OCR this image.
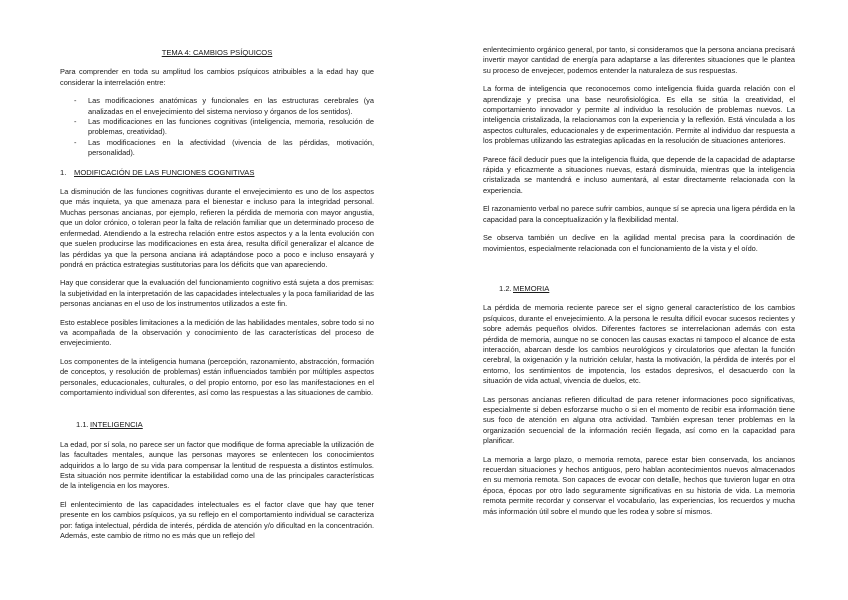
TEMA 4: CAMBIOS PSÍQUICOS

Para comprender en toda su amplitud los cambios psíquicos atribuibles a la edad hay que considerar la interrelación entre:

- Las modificaciones anatómicas y funcionales en las estructuras cerebrales (ya analizadas en el envejecimiento del sistema nervioso y órganos de los sentidos).
- Las modificaciones en las funciones cognitivas (inteligencia, memoria, resolución de problemas, creatividad).
- Las modificaciones en la afectividad (vivencia de las pérdidas, motivación, personalidad).
1. MODIFICACIÓN DE LAS FUNCIONES COGNITIVAS

La disminución de las funciones cognitivas durante el envejecimiento es uno de los aspectos que más inquieta, ya que amenaza para el bienestar e incluso para la integridad personal. Muchas personas ancianas, por ejemplo, refieren la pérdida de memoria con mayor angustia, que un dolor crónico, o toleran peor la falta de relación familiar que un determinado proceso de enfermedad. Atendiendo a la estrecha relación entre estos aspectos y a la lenta evolución con que suelen producirse las modificaciones en esta área, resulta difícil generalizar el alcance de las pérdidas ya que la persona anciana irá adaptándose poco a poco e incluso ensayará y pondrá en práctica estrategias sustitutorias para los déficits que van apareciendo.

Hay que considerar que la evaluación del funcionamiento cognitivo está sujeta a dos premisas: la subjetividad en la interpretación de las capacidades intelectuales y la poca familiaridad de las personas ancianas en el uso de los instrumentos utilizados a este fin.

Esto establece posibles limitaciones a la medición de las habilidades mentales, sobre todo si no va acompañada de la observación y conocimiento de las características del proceso de envejecimiento.

Los componentes de la inteligencia humana (percepción, razonamiento, abstracción, formación de conceptos, y resolución de problemas) están influenciados también por múltiples aspectos personales, educacionales, culturales, o del propio entorno, por eso las manifestaciones en el comportamiento individual son diferentes, así como las respuestas a las situaciones de cambio.

1.1.INTELIGENCIA

La edad, por sí sola, no parece ser un factor que modifique de forma apreciable la utilización de las facultades mentales, aunque las personas mayores se enlentecen los conocimientos adquiridos a lo largo de su vida para compensar la lentitud de respuesta a distintos estímulos. Esta situación nos permite identificar la estabilidad como una de las principales características de la inteligencia en los mayores.

El enlentecimiento de las capacidades intelectuales es el factor clave que hay que tener presente en los cambios psíquicos, ya su reflejo en el comportamiento individual se caracteriza por: fatiga intelectual, pérdida de interés, pérdida de atención y/o dificultad en la concentración. Además, este cambio de ritmo no es más que un reflejo del

enlentecimiento orgánico general, por tanto, si consideramos que la persona anciana precisará invertir mayor cantidad de energía para adaptarse a las diferentes situaciones que le plantea su proceso de envejecer, podemos entender la naturaleza de sus respuestas.

La forma de inteligencia que reconocemos como inteligencia fluida guarda relación con el aprendizaje y precisa una base neurofisiológica. Es ella se sitúa la creatividad, el comportamiento innovador y permite al individuo la resolución de problemas nuevos. La inteligencia cristalizada, la relacionamos con la experiencia y la reflexión. Está vinculada a los aspectos culturales, educacionales y de experimentación. Permite al individuo dar respuesta a los problemas utilizando las estrategias aplicadas en la resolución de situaciones anteriores.

Parece fácil deducir pues que la inteligencia fluida, que depende de la capacidad de adaptarse rápida y eficazmente a situaciones nuevas, estará disminuida, mientras que la inteligencia cristalizada se mantendrá e incluso aumentará, al estar directamente relacionada con la experiencia.

El razonamiento verbal no parece sufrir cambios, aunque sí se aprecia una ligera pérdida en la capacidad para la conceptualización y la flexibilidad mental.

Se observa también un declive en la agilidad mental precisa para la coordinación de movimientos, especialmente relacionada con el funcionamiento de la vista y el oído.

1.2.MEMORIA

La pérdida de memoria reciente parece ser el signo general característico de los cambios psíquicos, durante el envejecimiento. A la persona le resulta difícil evocar sucesos recientes y sobre además pequeños olvidos. Diferentes factores se interrelacionan además con esta pérdida de memoria, aunque no se conocen las causas exactas ni tampoco el alcance de esta interacción, abarcan desde los cambios neurológicos y circulatorios que afectan la función cerebral, la oxigenación y la nutrición celular, hasta la motivación, la pérdida de interés por el entorno, los sentimientos de impotencia, los estados depresivos, el desacuerdo con la situación de vida actual, vivencia de duelos, etc.

Las personas ancianas refieren dificultad de para retener informaciones poco significativas, especialmente si deben esforzarse mucho o si en el momento de recibir esa información tiene sus foco de atención en alguna otra actividad. También expresan tener problemas en la organización secuencial de la información recién llegada, así como en la capacidad para planificar.

La memoria a largo plazo, o memoria remota, parece estar bien conservada, los ancianos recuerdan situaciones y hechos antiguos, pero hablan acontecimientos nuevos almacenados en su memoria remota. Son capaces de evocar con detalle, hechos que tuvieron lugar en otra época, épocas por otro lado seguramente significativas en su historia de vida. La memoria remota permite recordar y conservar el vocabulario, las experiencias, los recuerdos y mucha más información útil sobre el mundo que les rodea y sobre sí mismos.
